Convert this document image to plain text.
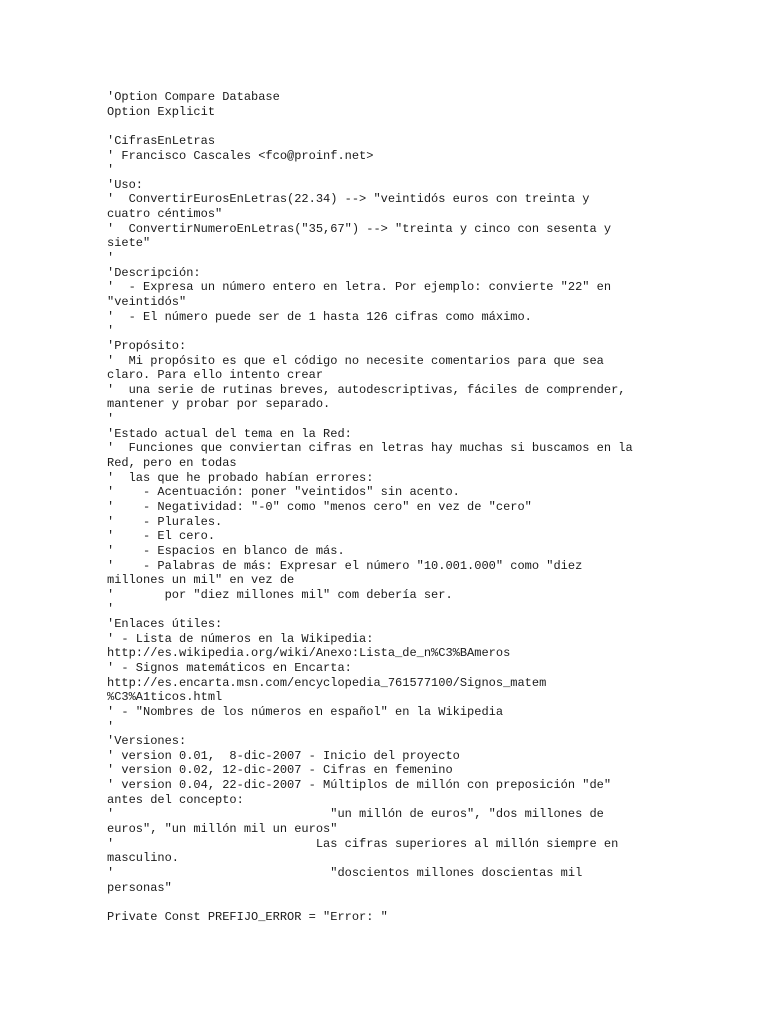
'Option Compare Database
Option Explicit
'CifrasEnLetras
' Francisco Cascales <fco@proinf.net>
'
'Uso:
'  ConvertirEurosEnLetras(22.34) --> "veintidós euros con treinta y
cuatro céntimos"
'  ConvertirNumeroEnLetras("35,67") --> "treinta y cinco con sesenta y
siete"
'
'Descripción:
'  - Expresa un número entero en letra. Por ejemplo: convierte "22" en
"veintidós"
'  - El número puede ser de 1 hasta 126 cifras como máximo.
'
'Propósito:
'  Mi propósito es que el código no necesite comentarios para que sea
claro. Para ello intento crear
'  una serie de rutinas breves, autodescriptivas, fáciles de comprender,
mantener y probar por separado.
'
'Estado actual del tema en la Red:
'  Funciones que conviertan cifras en letras hay muchas si buscamos en la
Red, pero en todas
'  las que he probado habían errores:
'    - Acentuación: poner "veintidos" sin acento.
'    - Negatividad: "-0" como "menos cero" en vez de "cero"
'    - Plurales.
'    - El cero.
'    - Espacios en blanco de más.
'    - Palabras de más: Expresar el número "10.001.000" como "diez
millones un mil" en vez de
'       por "diez millones mil" com debería ser.
'
'Enlaces útiles:
' - Lista de números en la Wikipedia:
http://es.wikipedia.org/wiki/Anexo:Lista_de_n%C3%BAmeros
' - Signos matemáticos en Encarta:
http://es.encarta.msn.com/encyclopedia_761577100/Signos_matem
%C3%A1ticos.html
' - "Nombres de los números en español" en la Wikipedia
'
'Versiones:
' version 0.01,  8-dic-2007 - Inicio del proyecto
' version 0.02, 12-dic-2007 - Cifras en femenino
' version 0.04, 22-dic-2007 - Múltiplos de millón con preposición "de"
antes del concepto:
'                              "un millón de euros", "dos millones de
euros", "un millón mil un euros"
'                            Las cifras superiores al millón siempre en
masculino.
'                              "doscientos millones doscientas mil
personas"
Private Const PREFIJO_ERROR = "Error: "
